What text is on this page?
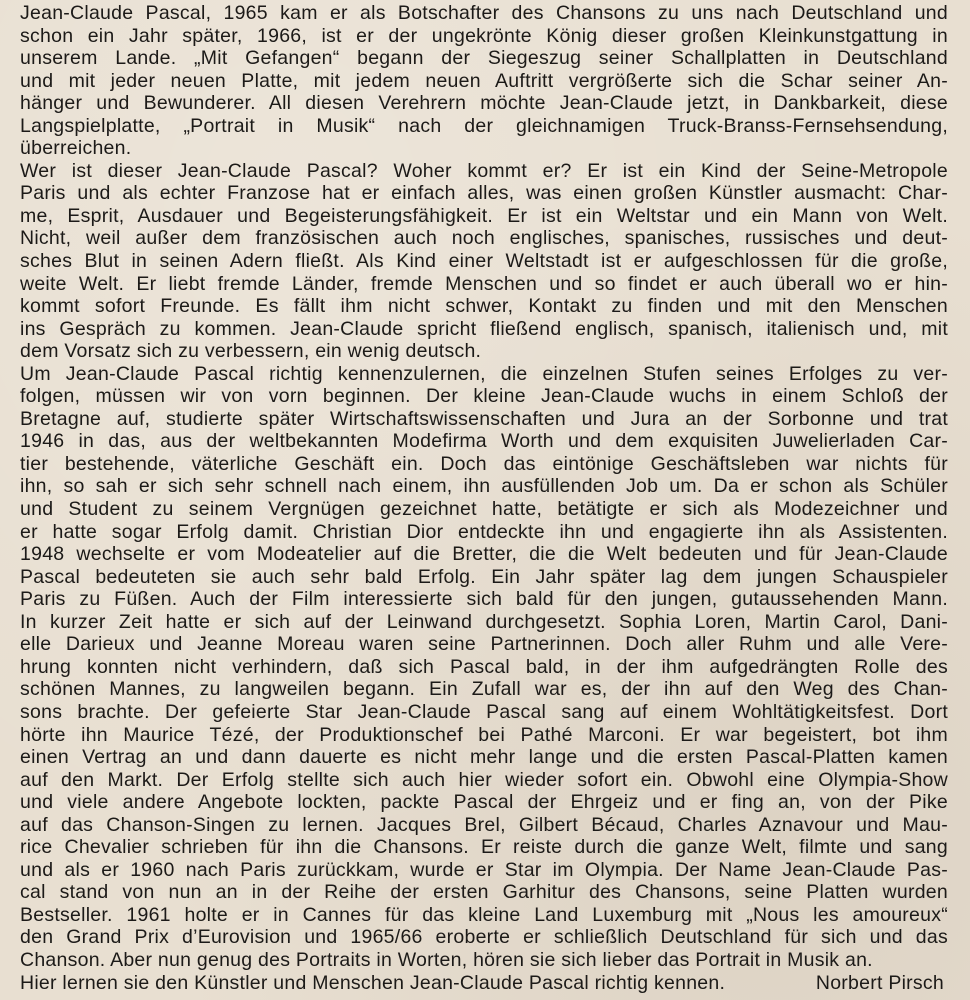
Jean-Claude Pascal, 1965 kam er als Botschafter des Chansons zu uns nach Deutschland und
schon ein Jahr später, 1966, ist er der ungekrönte König dieser großen Kleinkunstgattung in
unserem Lande. „Mit Gefangen“ begann der Siegeszug seiner Schallplatten in Deutschland
und mit jeder neuen Platte, mit jedem neuen Auftritt vergrößerte sich die Schar seiner An-
hänger und Bewunderer. All diesen Verehrern möchte Jean-Claude jetzt, in Dankbarkeit, diese
Langspielplatte, „Portrait in Musik“ nach der gleichnamigen Truck-Branss-Fernsehsendung,
überreichen.

Wer ist dieser Jean-Claude Pascal? Woher kommt er? Er ist ein Kind der Seine-Metropole
Paris und als echter Franzose hat er einfach alles, was einen großen Künstler ausmacht: Char-
me, Esprit, Ausdauer und Begeisterungsfähigkeit. Er ist ein Weltstar und ein Mann von Welt.
Nicht, weil außer dem französischen auch noch englisches, spanisches, russisches und deut-
sches Blut in seinen Adern fließt. Als Kind einer Weltstadt ist er aufgeschlossen für die große,
weite Welt. Er liebt fremde Länder, fremde Menschen und so findet er auch überall wo er hin-
kommt sofort Freunde. Es fällt ihm nicht schwer, Kontakt zu finden und mit den Menschen
ins Gespräch zu kommen. Jean-Claude spricht fließend englisch, spanisch, italienisch und, mit
dem Vorsatz sich zu verbessern, ein wenig deutsch.

Um Jean-Claude Pascal richtig kennenzulernen, die einzelnen Stufen seines Erfolges zu ver-
folgen, müssen wir von vorn beginnen. Der kleine Jean-Claude wuchs in einem Schloß der
Bretagne auf, studierte später Wirtschaftswissenschaften und Jura an der Sorbonne und trat
1946 in das, aus der weltbekannten Modefirma Worth und dem exquisiten Juwelierladen Car-
tier bestehende, väterliche Geschäft ein. Doch das eintönige Geschäftsleben war nichts für
ihn, so sah er sich sehr schnell nach einem, ihn ausfüllenden Job um. Da er schon als Schüler
und Student zu seinem Vergnügen gezeichnet hatte, betätigte er sich als Modezeichner und
er hatte sogar Erfolg damit. Christian Dior entdeckte ihn und engagierte ihn als Assistenten.
1948 wechselte er vom Modeatelier auf die Bretter, die die Welt bedeuten und für Jean-Claude
Pascal bedeuteten sie auch sehr bald Erfolg. Ein Jahr später lag dem jungen Schauspieler
Paris zu Füßen. Auch der Film interessierte sich bald für den jungen, gutaussehenden Mann.
In kurzer Zeit hatte er sich auf der Leinwand durchgesetzt. Sophia Loren, Martin Carol, Dani-
elle Darieux und Jeanne Moreau waren seine Partnerinnen. Doch aller Ruhm und alle Vere-
hrung konnten nicht verhindern, daß sich Pascal bald, in der ihm aufgedrängten Rolle des
schönen Mannes, zu langweilen begann. Ein Zufall war es, der ihn auf den Weg des Chan-
sons brachte. Der gefeierte Star Jean-Claude Pascal sang auf einem Wohltätigkeitsfest. Dort
hörte ihn Maurice Tézé, der Produktionschef bei Pathé Marconi. Er war begeistert, bot ihm
einen Vertrag an und dann dauerte es nicht mehr lange und die ersten Pascal-Platten kamen
auf den Markt. Der Erfolg stellte sich auch hier wieder sofort ein. Obwohl eine Olympia-Show
und viele andere Angebote lockten, packte Pascal der Ehrgeiz und er fing an, von der Pike
auf das Chanson-Singen zu lernen. Jacques Brel, Gilbert Bécaud, Charles Aznavour und Mau-
rice Chevalier schrieben für ihn die Chansons. Er reiste durch die ganze Welt, filmte und sang
und als er 1960 nach Paris zurückkam, wurde er Star im Olympia. Der Name Jean-Claude Pas-
cal stand von nun an in der Reihe der ersten Garhitur des Chansons, seine Platten wurden
Bestseller. 1961 holte er in Cannes für das kleine Land Luxemburg mit „Nous les amoureux“
den Grand Prix d’Eurovision und 1965/66 eroberte er schließlich Deutschland für sich und das
Chanson. Aber nun genug des Portraits in Worten, hören sie sich lieber das Portrait in Musik an.

Hier lernen sie den Künstler und Menschen Jean-Claude Pascal richtig kennen.	Norbert Pirsch
